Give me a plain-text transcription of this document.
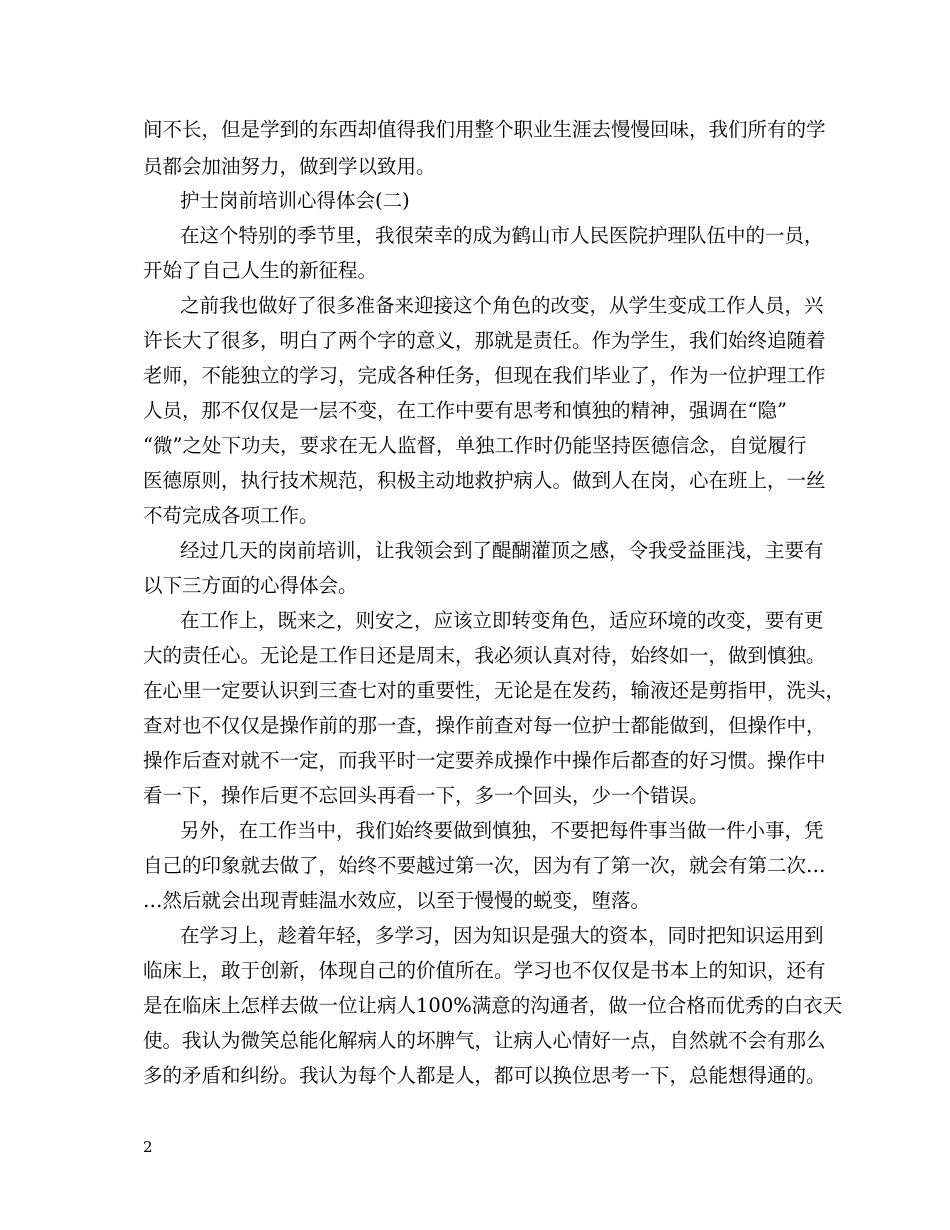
间不长，但是学到的东西却值得我们用整个职业生涯去慢慢回味，我们所有的学
员都会加油努力，做到学以致用。
护士岗前培训心得体会(二)
在这个特别的季节里，我很荣幸的成为鹤山市人民医院护理队伍中的一员，
开始了自己人生的新征程。
之前我也做好了很多准备来迎接这个角色的改变，从学生变成工作人员，兴
许长大了很多，明白了两个字的意义，那就是责任。作为学生，我们始终追随着
老师，不能独立的学习，完成各种任务，但现在我们毕业了，作为一位护理工作
人员，那不仅仅是一层不变，在工作中要有思考和慎独的精神，强调在“隐”
“微”之处下功夫，要求在无人监督，单独工作时仍能坚持医德信念，自觉履行
医德原则，执行技术规范，积极主动地救护病人。做到人在岗，心在班上，一丝
不苟完成各项工作。
经过几天的岗前培训，让我领会到了醍醐灌顶之感，令我受益匪浅，主要有
以下三方面的心得体会。
在工作上，既来之，则安之，应该立即转变角色，适应环境的改变，要有更
大的责任心。无论是工作日还是周末，我必须认真对待，始终如一，做到慎独。
在心里一定要认识到三查七对的重要性，无论是在发药，输液还是剪指甲，洗头，
查对也不仅仅是操作前的那一查，操作前查对每一位护士都能做到，但操作中，
操作后查对就不一定，而我平时一定要养成操作中操作后都查的好习惯。操作中
看一下，操作后更不忘回头再看一下，多一个回头，少一个错误。
另外，在工作当中，我们始终要做到慎独，不要把每件事当做一件小事，凭
自己的印象就去做了，始终不要越过第一次，因为有了第一次，就会有第二次…
…然后就会出现青蛙温水效应，以至于慢慢的蜕变，堕落。
在学习上，趁着年轻，多学习，因为知识是强大的资本，同时把知识运用到
临床上，敢于创新，体现自己的价值所在。学习也不仅仅是书本上的知识，还有
是在临床上怎样去做一位让病人100%满意的沟通者，做一位合格而优秀的白衣天
使。我认为微笑总能化解病人的坏脾气，让病人心情好一点，自然就不会有那么
多的矛盾和纠纷。我认为每个人都是人，都可以换位思考一下，总能想得通的。
2
